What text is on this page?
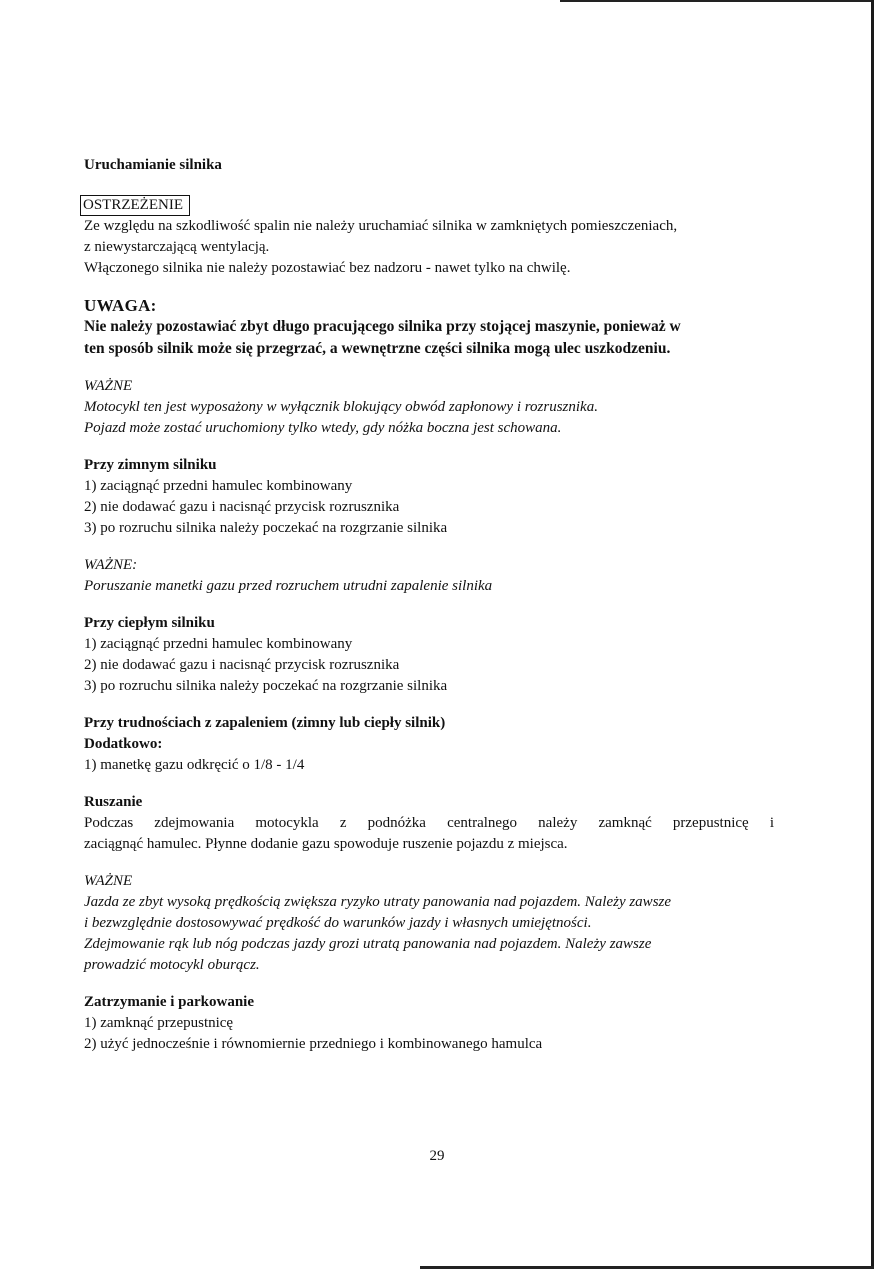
Uruchamianie silnika

OSTRZEŻENIE

Ze względu na szkodliwość spalin nie należy uruchamiać silnika w zamkniętych pomieszczeniach,

z niewystarczającą wentylacją.

Włączonego silnika nie należy pozostawiać bez nadzoru - nawet tylko na chwilę.

UWAGA:

Nie należy pozostawiać zbyt długo pracującego silnika przy stojącej maszynie, ponieważ w

ten sposób silnik może się przegrzać, a wewnętrzne części silnika mogą ulec uszkodzeniu.

WAŻNE

Motocykl ten jest wyposażony w wyłącznik blokujący obwód zapłonowy i rozrusznika.

Pojazd może zostać uruchomiony tylko wtedy, gdy nóżka boczna jest schowana.

Przy zimnym silniku

1) zaciągnąć przedni hamulec kombinowany

2) nie dodawać gazu i nacisnąć przycisk rozrusznika

3) po rozruchu silnika należy poczekać na rozgrzanie silnika

WAŻNE:

Poruszanie manetki gazu przed rozruchem utrudni zapalenie silnika

Przy ciepłym silniku

1) zaciągnąć przedni hamulec kombinowany

2) nie dodawać gazu i nacisnąć przycisk rozrusznika

3) po rozruchu silnika należy poczekać na rozgrzanie silnika

Przy trudnościach z zapaleniem (zimny lub ciepły silnik)

Dodatkowo:

1) manetkę gazu odkręcić o 1/8 - 1/4

Ruszanie

Podczas zdejmowania motocykla z podnóżka centralnego należy zamknąć przepustnicę i

zaciągnąć hamulec. Płynne dodanie gazu spowoduje ruszenie pojazdu z miejsca.

WAŻNE

Jazda ze zbyt wysoką prędkością zwiększa ryzyko utraty panowania nad pojazdem. Należy zawsze

i bezwzględnie dostosowywać prędkość do warunków jazdy i własnych umiejętności.

Zdejmowanie rąk lub nóg podczas jazdy grozi utratą panowania nad pojazdem. Należy zawsze

prowadzić motocykl oburącz.

Zatrzymanie i parkowanie

1) zamknąć przepustnicę

2) użyć jednocześnie i równomiernie przedniego i kombinowanego hamulca

29
